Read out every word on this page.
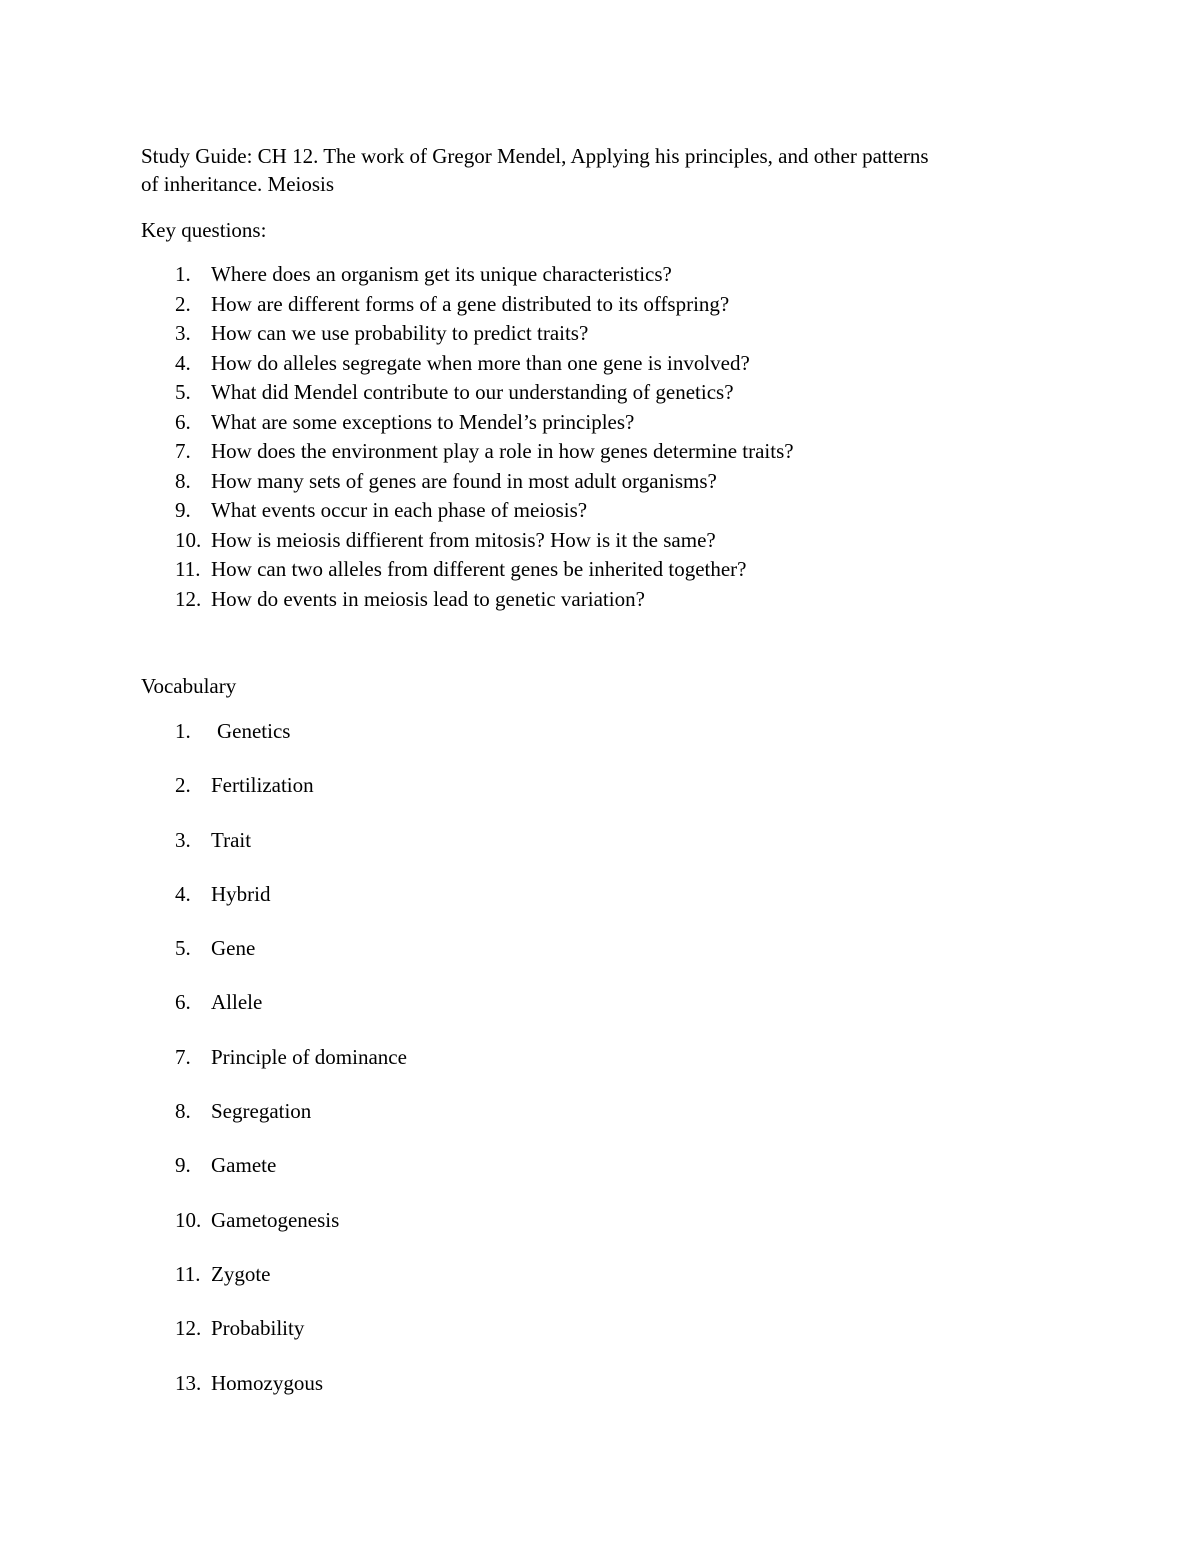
Study Guide: CH 12. The work of Gregor Mendel, Applying his principles, and other patterns
of inheritance. Meiosis

Key questions:

1. Where does an organism get its unique characteristics?
2. How are different forms of a gene distributed to its offspring?
3. How can we use probability to predict traits?
4. How do alleles segregate when more than one gene is involved?
5. What did Mendel contribute to our understanding of genetics?
6. What are some exceptions to Mendel’s principles?
7. How does the environment play a role in how genes determine traits?
8. How many sets of genes are found in most adult organisms?
9. What events occur in each phase of meiosis?
10. How is meiosis diffierent from mitosis? How is it the same?
11. How can two alleles from different genes be inherited together?
12. How do events in meiosis lead to genetic variation?

Vocabulary

1. Genetics
2. Fertilization
3. Trait
4. Hybrid
5. Gene
6. Allele
7. Principle of dominance
8. Segregation
9. Gamete
10. Gametogenesis
11. Zygote
12. Probability
13. Homozygous
